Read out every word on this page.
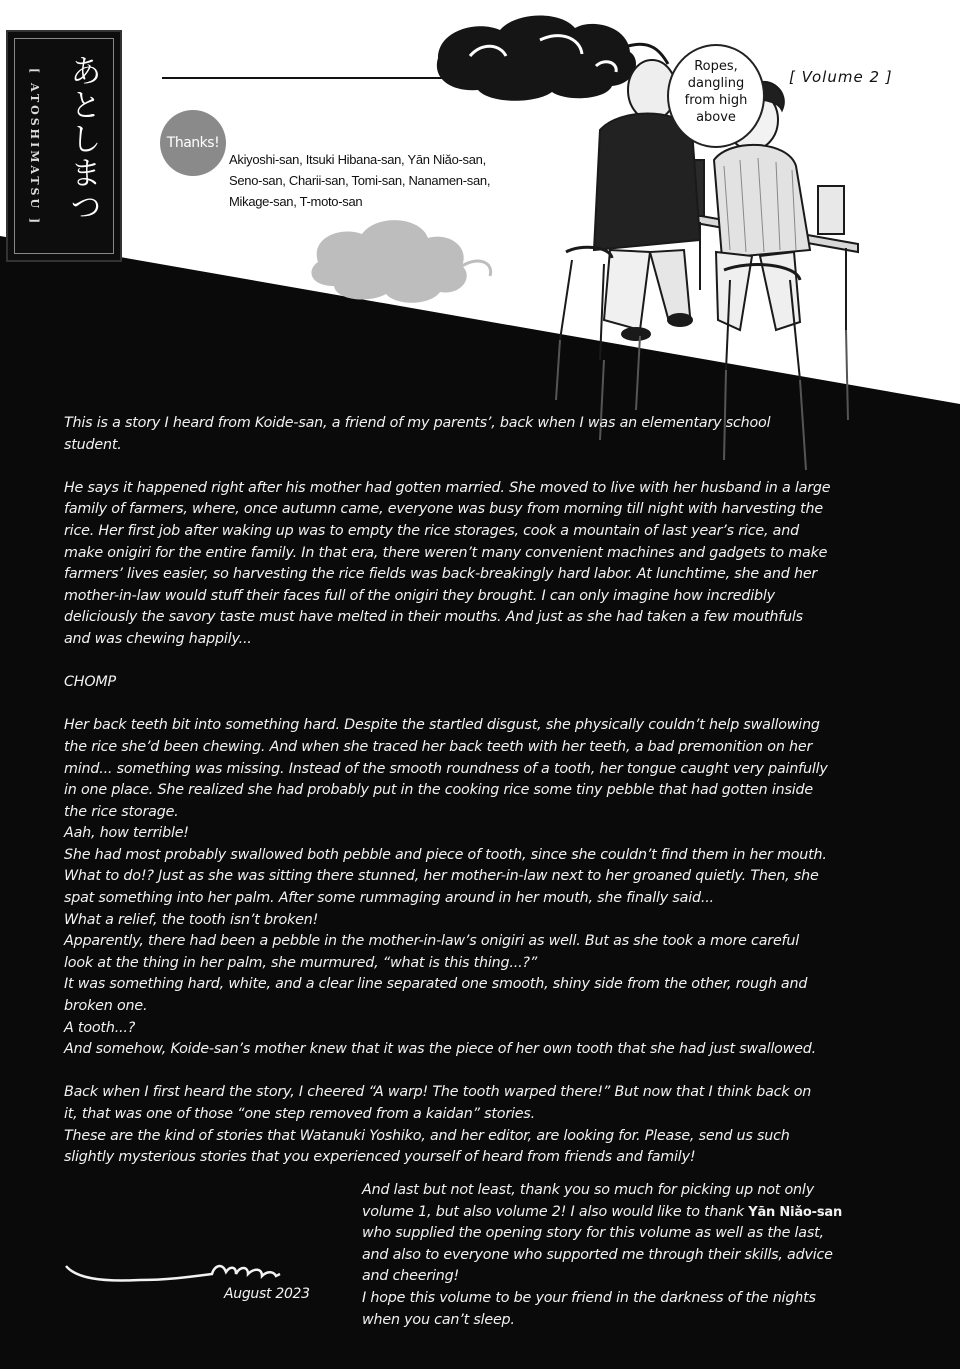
あとしまつ
[ ATOSHIMATSU ]	[ Volume 2 ]
Ropes,
dangling
from high
above
Thanks!
Akiyoshi-san, Itsuki Hibana-san, Yān Niǎo-san,
Seno-san, Charii-san, Tomi-san, Nanamen-san,
Mikage-san, T-moto-san
This is a story I heard from Koide-san, a friend of my parents’, back when I was an elementary school
student.
He says it happened right after his mother had gotten married. She moved to live with her husband in a large
family of farmers, where, once autumn came, everyone was busy from morning till night with harvesting the
rice. Her first job after waking up was to empty the rice storages, cook a mountain of last year’s rice, and
make onigiri for the entire family. In that era, there weren’t many convenient machines and gadgets to make
farmers’ lives easier, so harvesting the rice fields was back-breakingly hard labor. At lunchtime, she and her
mother-in-law would stuff their faces full of the onigiri they brought. I can only imagine how incredibly
deliciously the savory taste must have melted in their mouths. And just as she had taken a few mouthfuls
and was chewing happily...
CHOMP
Her back teeth bit into something hard. Despite the startled disgust, she physically couldn’t help swallowing
the rice she’d been chewing. And when she traced her back teeth with her teeth, a bad premonition on her
mind... something was missing. Instead of the smooth roundness of a tooth, her tongue caught very painfully
in one place. She realized she had probably put in the cooking rice some tiny pebble that had gotten inside
the rice storage.
Aah, how terrible!
She had most probably swallowed both pebble and piece of tooth, since she couldn’t find them in her mouth.
What to do!? Just as she was sitting there stunned, her mother-in-law next to her groaned quietly. Then, she
spat something into her palm. After some rummaging around in her mouth, she finally said...
What a relief, the tooth isn’t broken!
Apparently, there had been a pebble in the mother-in-law’s onigiri as well. But as she took a more careful
look at the thing in her palm, she murmured, “what is this thing...?”
It was something hard, white, and a clear line separated one smooth, shiny side from the other, rough and
broken one.
A tooth...?
And somehow, Koide-san’s mother knew that it was the piece of her own tooth that she had just swallowed.
Back when I first heard the story, I cheered “A warp! The tooth warped there!” But now that I think back on
it, that was one of those “one step removed from a kaidan” stories.
These are the kind of stories that Watanuki Yoshiko, and her editor, are looking for. Please, send us such
slightly mysterious stories that you experienced yourself of heard from friends and family!
And last but not least, thank you so much for picking up not only
volume 1, but also volume 2! I also would like to thank Yān Niǎo-san
who supplied the opening story for this volume as well as the last,
and also to everyone who supported me through their skills, advice
and cheering!
I hope this volume to be your friend in the darkness of the nights
when you can’t sleep.
August 2023
